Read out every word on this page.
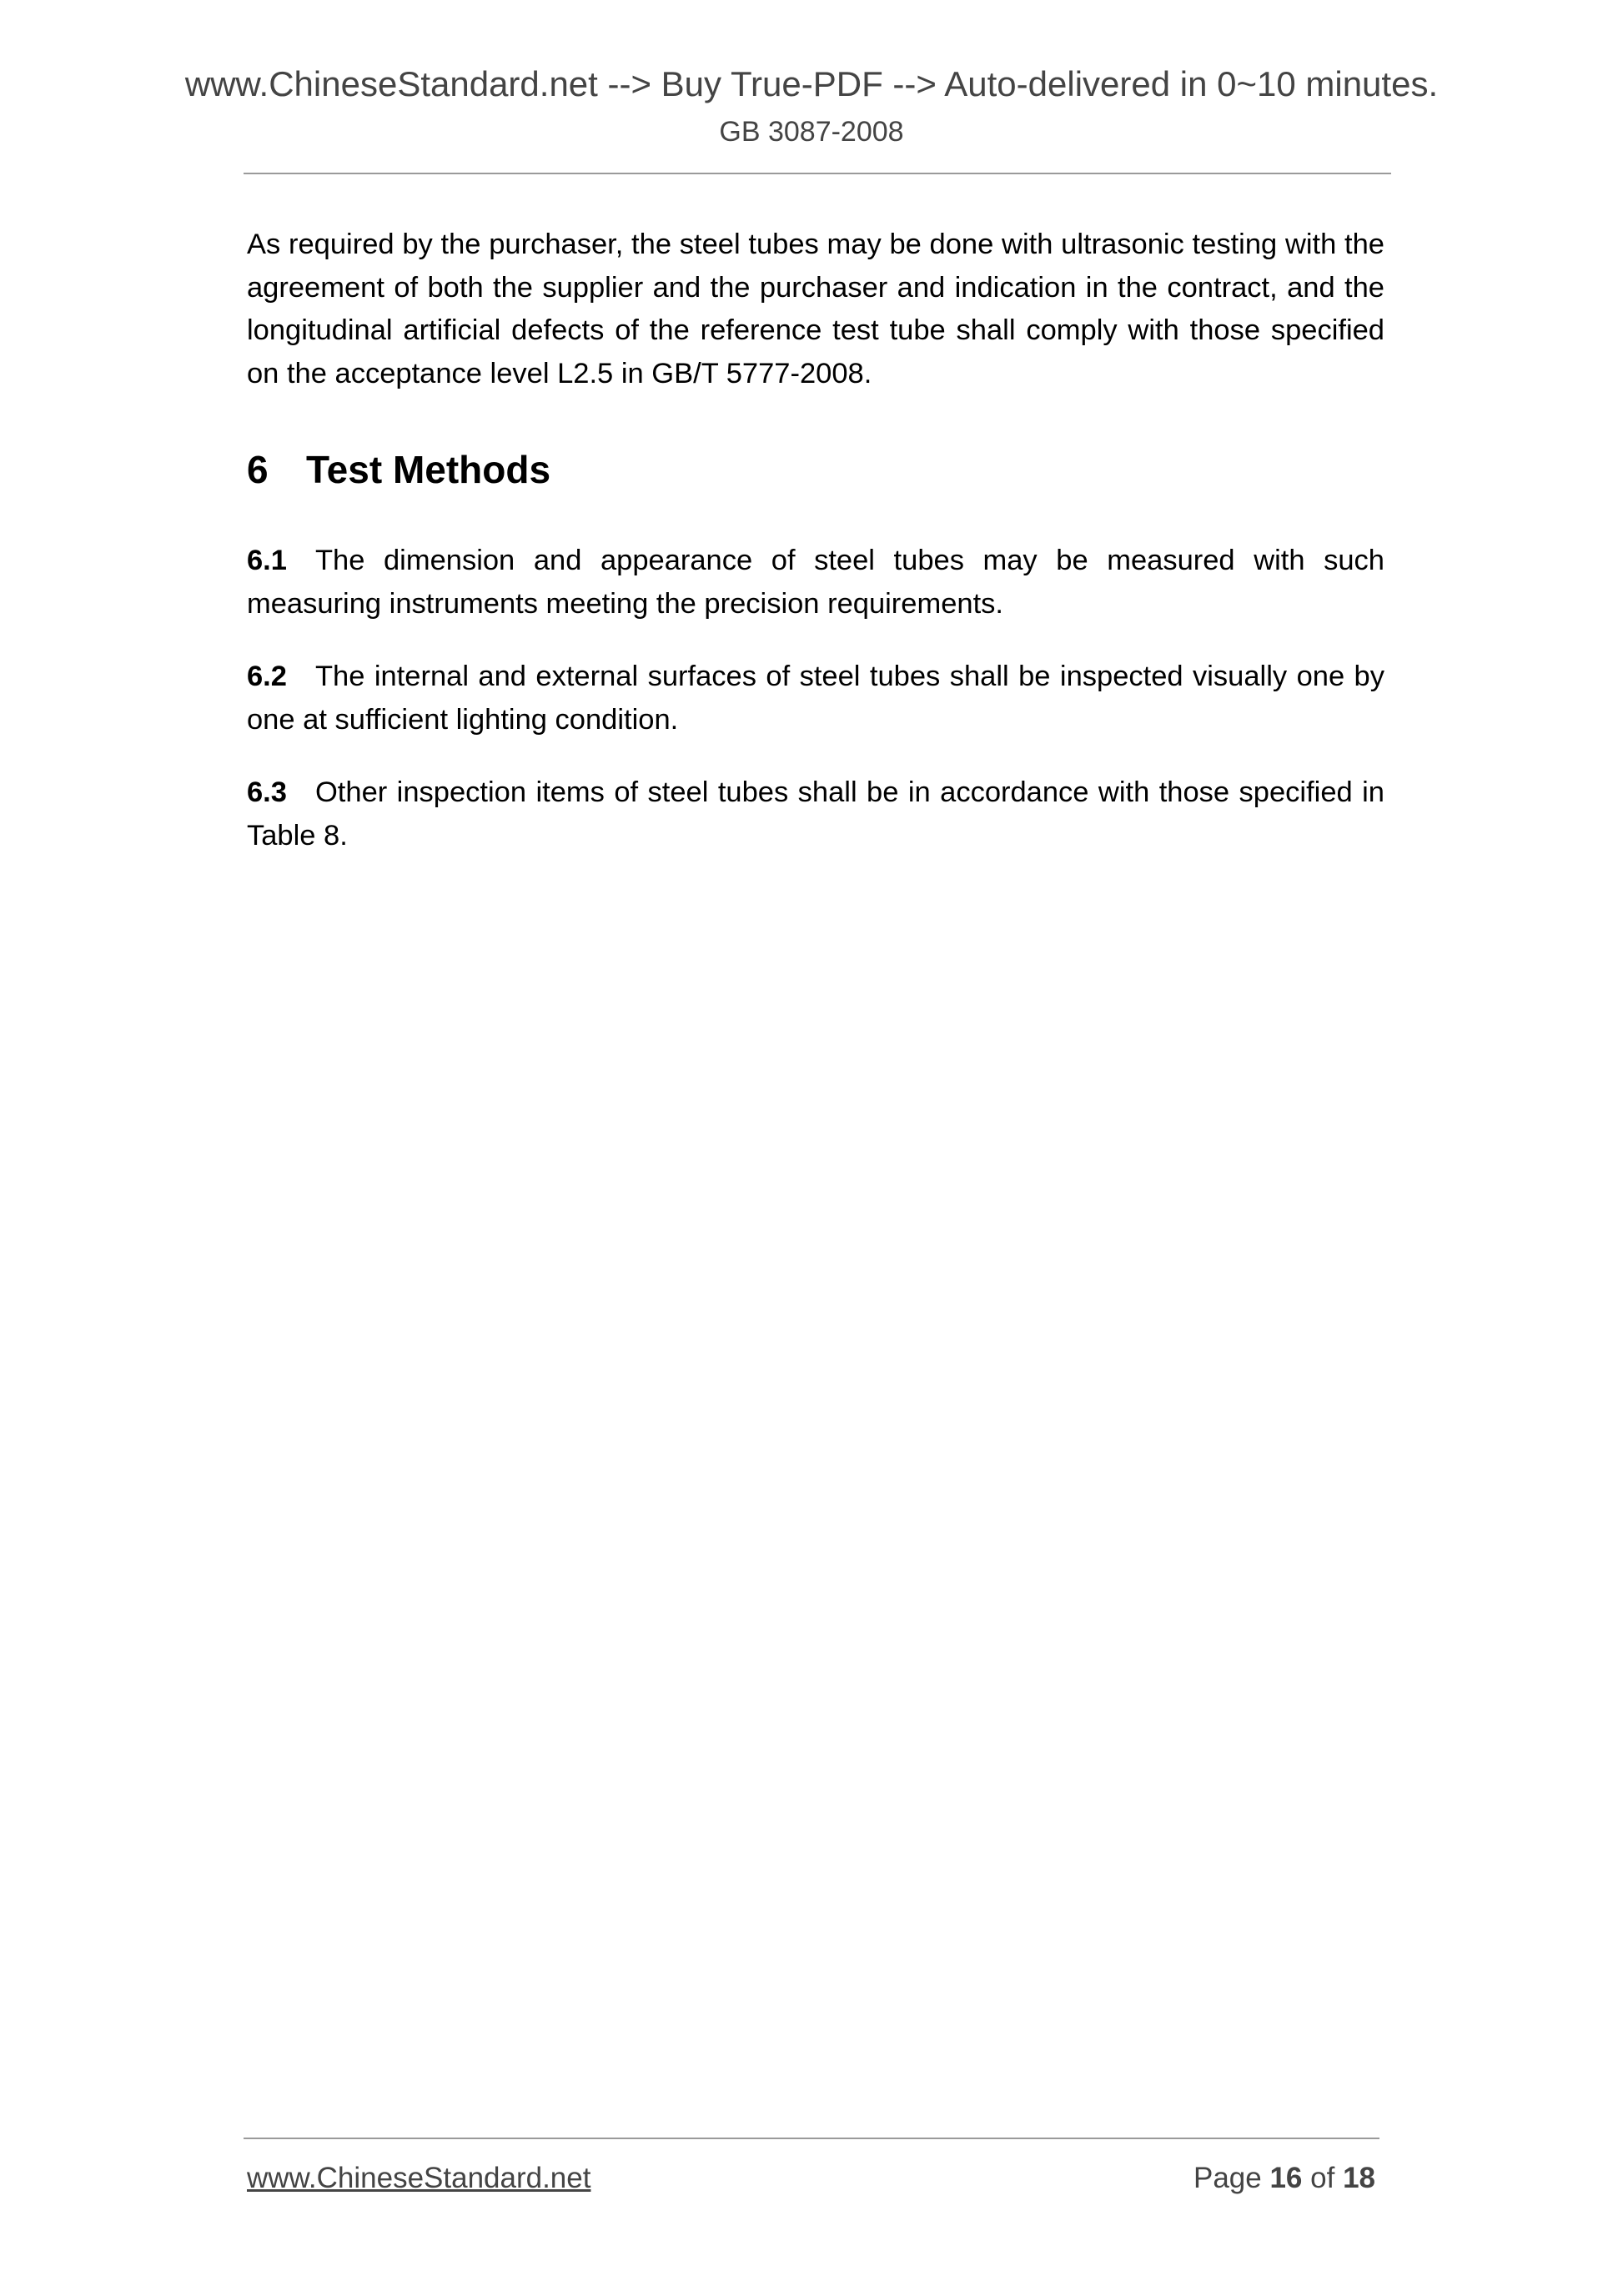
www.ChineseStandard.net --> Buy True-PDF --> Auto-delivered in 0~10 minutes.
GB 3087-2008

As required by the purchaser, the steel tubes may be done with ultrasonic testing with the agreement of both the supplier and the purchaser and indication in the contract, and the longitudinal artificial defects of the reference test tube shall comply with those specified on the acceptance level L2.5 in GB/T 5777-2008.

6 Test Methods

6.1 The dimension and appearance of steel tubes may be measured with such measuring instruments meeting the precision requirements.

6.2 The internal and external surfaces of steel tubes shall be inspected visually one by one at sufficient lighting condition.

6.3 Other inspection items of steel tubes shall be in accordance with those specified in Table 8.

www.ChineseStandard.net	Page 16 of 18
